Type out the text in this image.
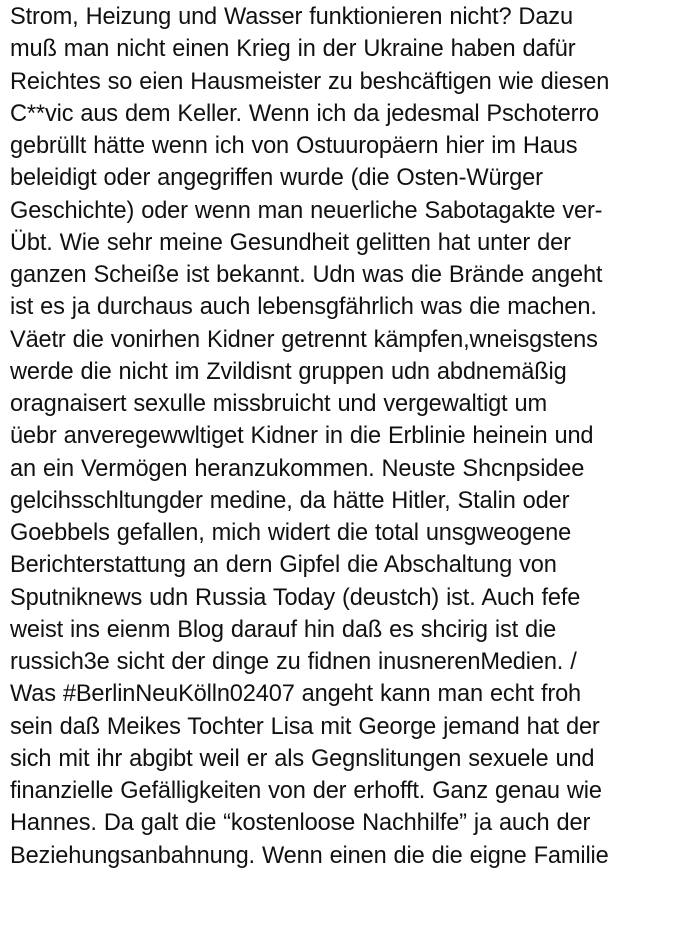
Strom, Heizung und Wasser funktionieren nicht? Dazu
muß man nicht einen Krieg in der Ukraine haben dafür
Reichtes so eien Hausmeister zu beshcäftigen wie diesen
C**vic aus dem Keller. Wenn ich da jedesmal Pschoterro
gebrüllt hätte wenn ich von Ostuuropäern hier im Haus
beleidigt oder angegriffen wurde (die Osten-Würger
Geschichte) oder wenn man neuerliche Sabotagakte ver-
Übt. Wie sehr meine Gesundheit gelitten hat unter der
ganzen Scheiße ist bekannt. Udn was die Brände angeht
ist es ja durchaus auch lebensgfährlich was die machen.
Väetr die vonirhen Kidner getrennt kämpfen,wneisgstens
werde die nicht im Zvildisnt gruppen udn abdnemäßig
oragnaisert sexulle missbruicht und vergewaltigt um
üebr anveregewwltiget Kidner in die Erblinie heinein und
an ein Vermögen heranzukommen. Neuste Shcnpsidee
gelcihsschltungder medine, da hätte Hitler, Stalin oder
Goebbels gefallen, mich widert die total unsgweogene
Berichterstattung an dern Gipfel die Abschaltung von
Sputniknews udn Russia Today (deustch) ist. Auch fefe
weist ins eienm Blog darauf hin daß es shcirig ist die
russich3e sicht der dinge zu fidnen inusnerenMedien. /
Was #BerlinNeuKölln02407 angeht kann man echt froh
sein daß Meikes Tochter Lisa mit George jemand hat der
sich mit ihr abgibt weil er als Gegnslitungen sexuele und
finanzielle Gefälligkeiten von der erhofft. Ganz genau wie
Hannes. Da galt die “kostenloose Nachhilfe” ja auch der
Beziehungsanbahnung. Wenn einen die die eigne Familie
